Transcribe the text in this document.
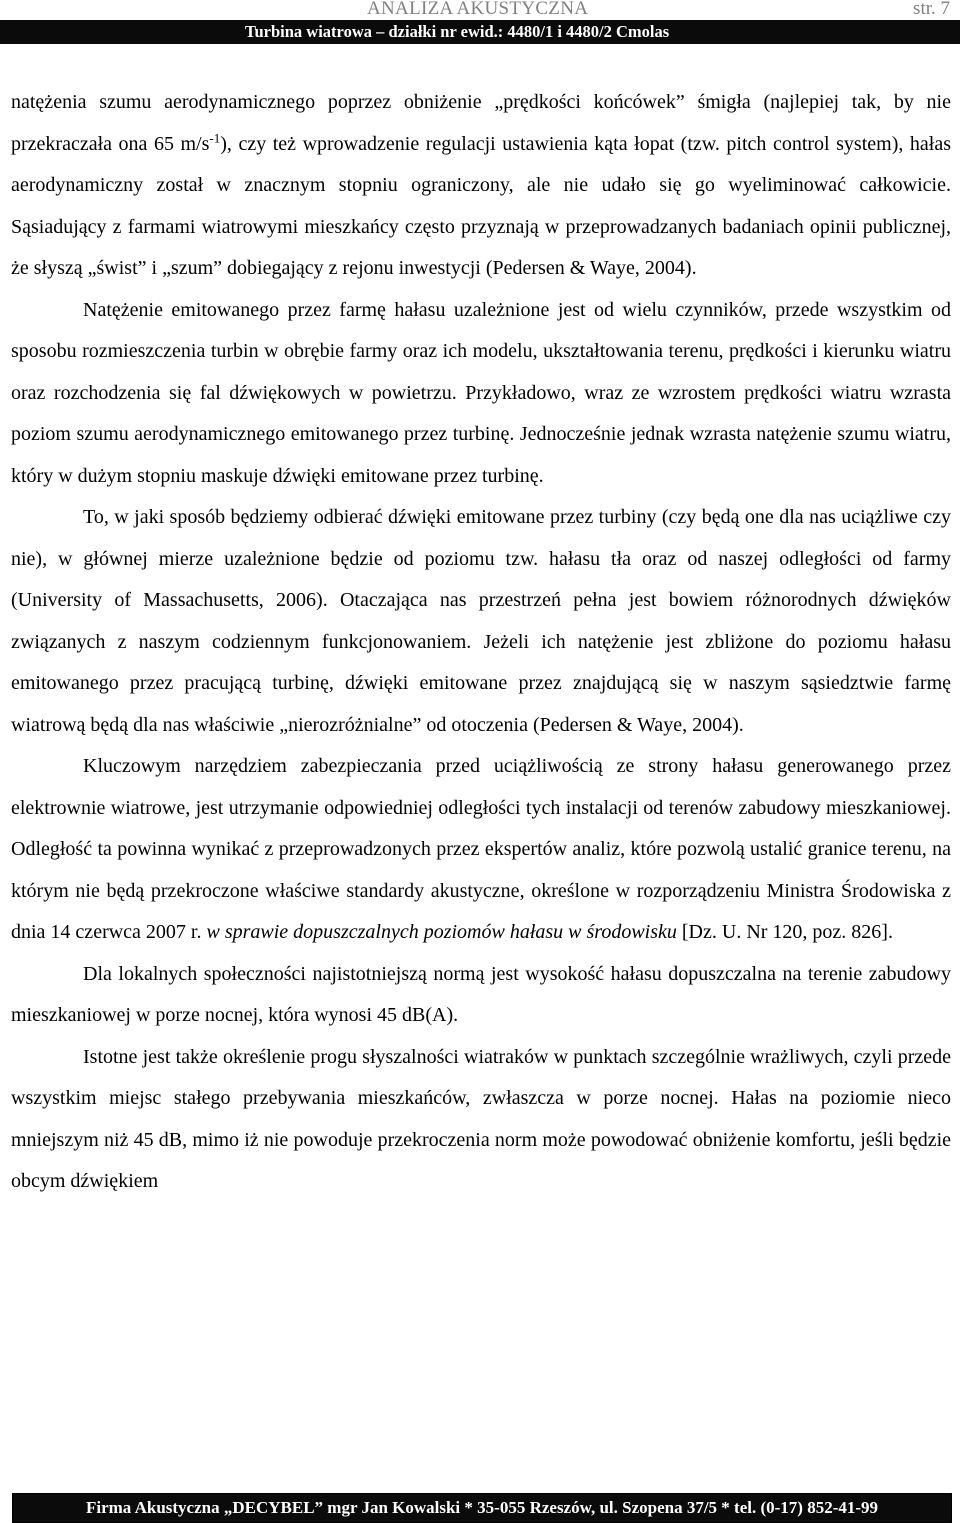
ANALIZA AKUSTYCZNA	str. 7
Turbina wiatrowa – działki nr ewid.: 4480/1 i 4480/2 Cmolas

natężenia szumu aerodynamicznego poprzez obniżenie „prędkości końcówek” śmigła (najlepiej tak, by nie przekraczała ona 65 $m/s^{-1}$), czy też wprowadzenie regulacji ustawienia kąta łopat (tzw. pitch control system), hałas aerodynamiczny został w znacznym stopniu ograniczony, ale nie udało się go wyeliminować całkowicie. Sąsiadujący z farmami wiatrowymi mieszkańcy często przyznają w przeprowadzanych badaniach opinii publicznej, że słyszą „świst” i „szum” dobiegający z rejonu inwestycji (Pedersen & Waye, 2004).

Natężenie emitowanego przez farmę hałasu uzależnione jest od wielu czynników, przede wszystkim od sposobu rozmieszczenia turbin w obrębie farmy oraz ich modelu, ukształtowania terenu, prędkości i kierunku wiatru oraz rozchodzenia się fal dźwiękowych w powietrzu. Przykładowo, wraz ze wzrostem prędkości wiatru wzrasta poziom szumu aerodynamicznego emitowanego przez turbinę. Jednocześnie jednak wzrasta natężenie szumu wiatru, który w dużym stopniu maskuje dźwięki emitowane przez turbinę.

To, w jaki sposób będziemy odbierać dźwięki emitowane przez turbiny (czy będą one dla nas uciążliwe czy nie), w głównej mierze uzależnione będzie od poziomu tzw. hałasu tła oraz od naszej odległości od farmy (University of Massachusetts, 2006). Otaczająca nas przestrzeń pełna jest bowiem różnorodnych dźwięków związanych z naszym codziennym funkcjonowaniem. Jeżeli ich natężenie jest zbliżone do poziomu hałasu emitowanego przez pracującą turbinę, dźwięki emitowane przez znajdującą się w naszym sąsiedztwie farmę wiatrową będą dla nas właściwie „nierozróżnialne” od otoczenia (Pedersen & Waye, 2004).

Kluczowym narzędziem zabezpieczania przed uciążliwością ze strony hałasu generowanego przez elektrownie wiatrowe, jest utrzymanie odpowiedniej odległości tych instalacji od terenów zabudowy mieszkaniowej. Odległość ta powinna wynikać z przeprowadzonych przez ekspertów analiz, które pozwolą ustalić granice terenu, na którym nie będą przekroczone właściwe standardy akustyczne, określone w rozporządzeniu Ministra Środowiska z dnia 14 czerwca 2007 r. w sprawie dopuszczalnych poziomów hałasu w środowisku [Dz. U. Nr 120, poz. 826].

Dla lokalnych społeczności najistotniejszą normą jest wysokość hałasu dopuszczalna na terenie zabudowy mieszkaniowej w porze nocnej, która wynosi 45 dB(A).

Istotne jest także określenie progu słyszalności wiatraków w punktach szczególnie wrażliwych, czyli przede wszystkim miejsc stałego przebywania mieszkańców, zwłaszcza w porze nocnej. Hałas na poziomie nieco mniejszym niż 45 dB, mimo iż nie powoduje przekroczenia norm może powodować obniżenie komfortu, jeśli będzie obcym dźwiękiem

Firma Akustyczna „DECYBEL” mgr Jan Kowalski * 35-055 Rzeszów, ul. Szopena 37/5 * tel. (0-17) 852-41-99
